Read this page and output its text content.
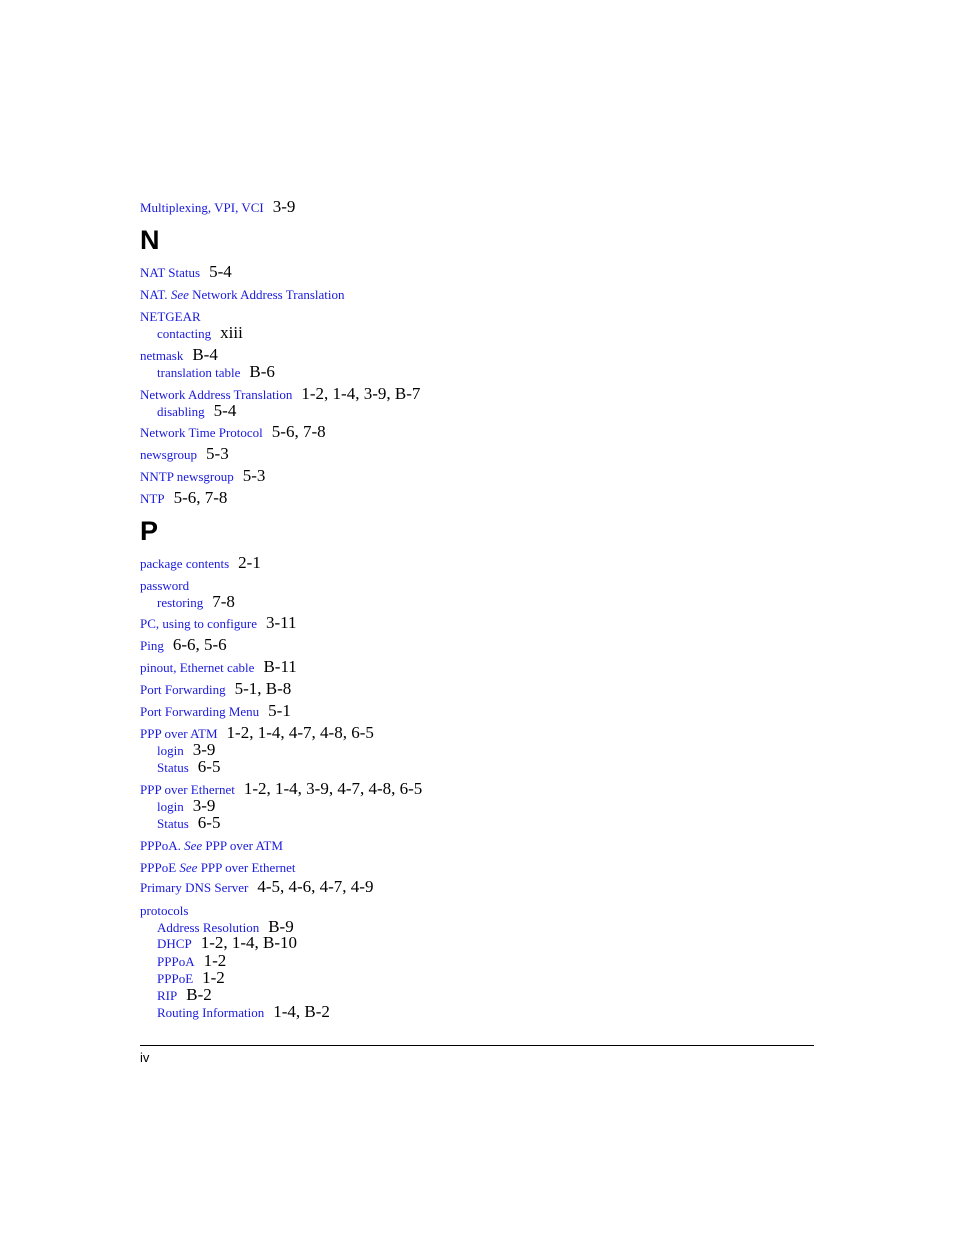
Multiplexing, VPI, VCI 3-9
N
NAT Status 5-4
NAT. See Network Address Translation
NETGEAR
contacting xiii
netmask B-4
translation table B-6
Network Address Translation 1-2, 1-4, 3-9, B-7
disabling 5-4
Network Time Protocol 5-6, 7-8
newsgroup 5-3
NNTP newsgroup 5-3
NTP 5-6, 7-8
P
package contents 2-1
password
restoring 7-8
PC, using to configure 3-11
Ping 6-6, 5-6
pinout, Ethernet cable B-11
Port Forwarding 5-1, B-8
Port Forwarding Menu 5-1
PPP over ATM 1-2, 1-4, 4-7, 4-8, 6-5
login 3-9
Status 6-5
PPP over Ethernet 1-2, 1-4, 3-9, 4-7, 4-8, 6-5
login 3-9
Status 6-5
PPPoA. See PPP over ATM
PPPoE See PPP over Ethernet
Primary DNS Server 4-5, 4-6, 4-7, 4-9
protocols
Address Resolution B-9
DHCP 1-2, 1-4, B-10
PPPoA 1-2
PPPoE 1-2
RIP B-2
Routing Information 1-4, B-2
iv
